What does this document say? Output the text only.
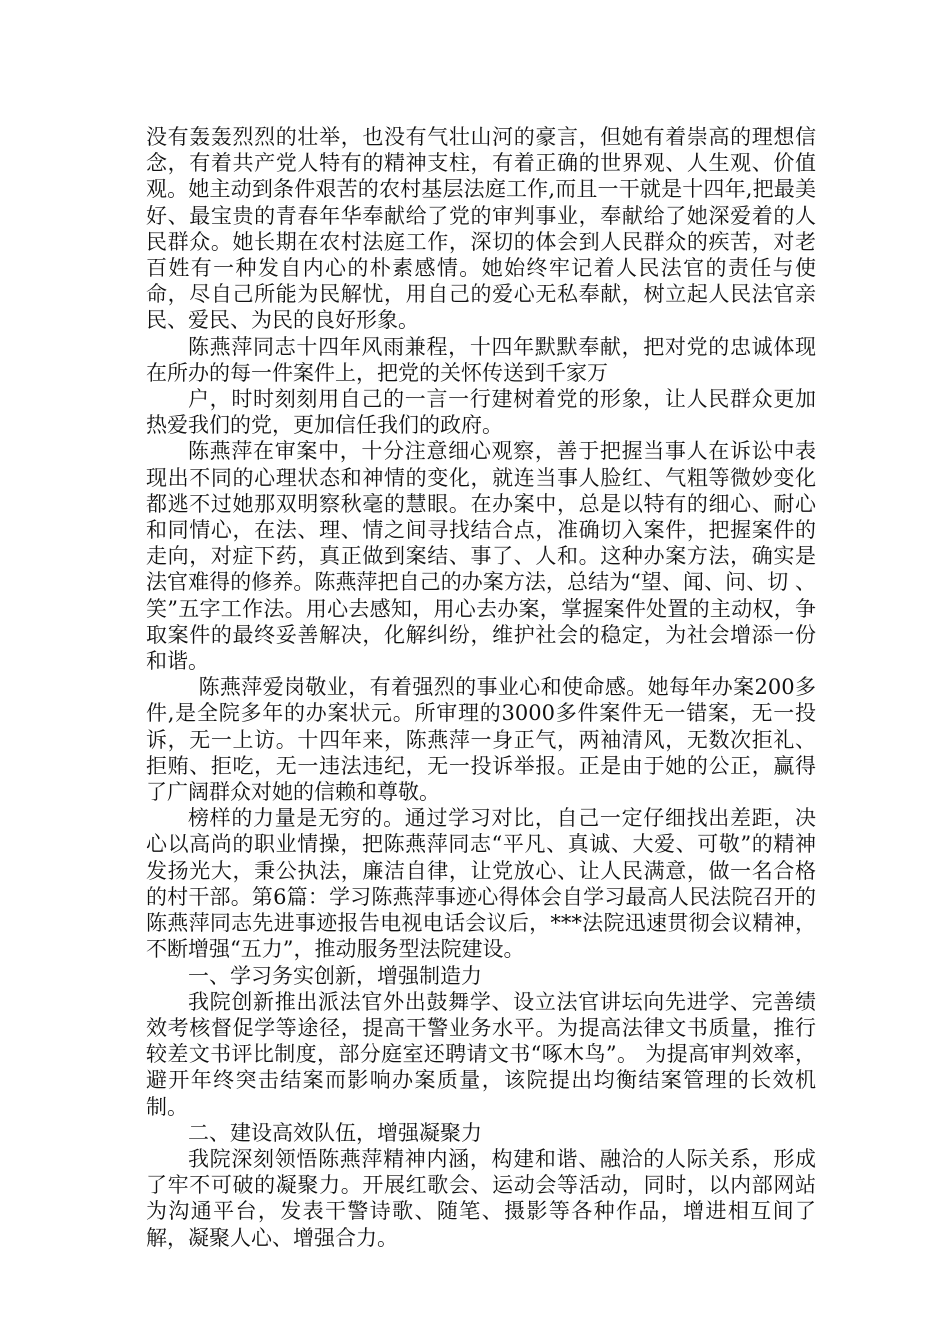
没有轰轰烈烈的壮举，也没有气壮山河的豪言，但她有着崇高的理想信念，有着共产党人特有的精神支柱，有着正确的世界观、人生观、价值观。她主动到条件艰苦的农村基层法庭工作,而且一干就是十四年,把最美好、最宝贵的青春年华奉献给了党的审判事业，奉献给了她深爱着的人民群众。她长期在农村法庭工作，深切的体会到人民群众的疾苦，对老百姓有一种发自内心的朴素感情。她始终牢记着人民法官的责任与使命，尽自己所能为民解忧，用自己的爱心无私奉献，树立起人民法官亲民、爱民、为民的良好形象。

陈燕萍同志十四年风雨兼程，十四年默默奉献，把对党的忠诚体现在所办的每一件案件上，把党的关怀传送到千家万

户，时时刻刻用自己的一言一行建树着党的形象，让人民群众更加热爱我们的党，更加信任我们的政府。

陈燕萍在审案中，十分注意细心观察，善于把握当事人在诉讼中表现出不同的心理状态和神情的变化，就连当事人脸红、气粗等微妙变化都逃不过她那双明察秋毫的慧眼。在办案中，总是以特有的细心、耐心和同情心，在法、理、情之间寻找结合点，准确切入案件，把握案件的走向，对症下药，真正做到案结、事了、人和。这种办案方法，确实是法官难得的修养。陈燕萍把自己的办案方法，总结为“望、闻、问、切 、笑”五字工作法。用心去感知，用心去办案，掌握案件处置的主动权，争取案件的最终妥善解决，化解纠纷，维护社会的稳定，为社会增添一份和谐。

陈燕萍爱岗敬业，有着强烈的事业心和使命感。她每年办案200多件,是全院多年的办案状元。所审理的3000多件案件无一错案，无一投诉，无一上访。十四年来，陈燕萍一身正气，两袖清风，无数次拒礼、拒贿、拒吃，无一违法违纪，无一投诉举报。正是由于她的公正，赢得了广阔群众对她的信赖和尊敬。

榜样的力量是无穷的。通过学习对比，自己一定仔细找出差距，决心以高尚的职业情操，把陈燕萍同志“平凡、真诚、大爱、可敬”的精神发扬光大，秉公执法，廉洁自律，让党放心、让人民满意，做一名合格的村干部。第6篇：学习陈燕萍事迹心得体会自学习最高人民法院召开的陈燕萍同志先进事迹报告电视电话会议后，***法院迅速贯彻会议精神，不断增强“五力”，推动服务型法院建设。

一、学习务实创新，增强制造力

我院创新推出派法官外出鼓舞学、设立法官讲坛向先进学、完善绩效考核督促学等途径，提高干警业务水平。为提高法律文书质量，推行较差文书评比制度，部分庭室还聘请文书“啄木鸟”。 为提高审判效率，避开年终突击结案而影响办案质量，该院提出均衡结案管理的长效机制。

二、建设高效队伍，增强凝聚力

我院深刻领悟陈燕萍精神内涵，构建和谐、融洽的人际关系，形成了牢不可破的凝聚力。开展红歌会、运动会等活动，同时，以内部网站为沟通平台，发表干警诗歌、随笔、摄影等各种作品，增进相互间了解，凝聚人心、增强合力。
